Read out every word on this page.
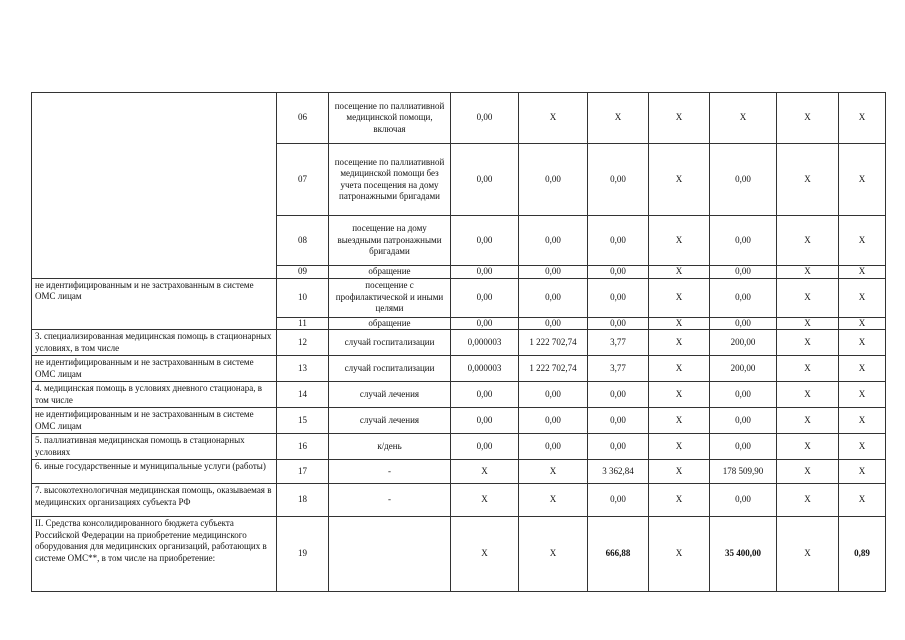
	06	посещение по паллиативной медицинской помощи, включая	0,00	Х	Х	Х	Х	Х	Х
	07	посещение по паллиативной медицинской помощи без учета посещения на дому патронажными бригадами	0,00	0,00	0,00	Х	0,00	Х	Х
	08	посещение на дому выездными патронажными бригадами	0,00	0,00	0,00	Х	0,00	Х	Х
	09	обращение	0,00	0,00	0,00	Х	0,00	Х	Х
не идентифицированным и не застрахованным в системе ОМС лицам	10	посещение с профилактической и иными целями	0,00	0,00	0,00	Х	0,00	Х	Х
	11	обращение	0,00	0,00	0,00	Х	0,00	Х	Х
3. специализированная медицинская помощь в стационарных условиях, в том числе	12	случай госпитализации	0,000003	1 222 702,74	3,77	Х	200,00	Х	Х
не идентифицированным и не застрахованным в системе ОМС лицам	13	случай госпитализации	0,000003	1 222 702,74	3,77	Х	200,00	Х	Х
4. медицинская помощь в условиях дневного стационара, в том числе	14	случай лечения	0,00	0,00	0,00	Х	0,00	Х	Х
не идентифицированным и не застрахованным в системе ОМС лицам	15	случай лечения	0,00	0,00	0,00	Х	0,00	Х	Х
5. паллиативная медицинская помощь в стационарных условиях	16	к/день	0,00	0,00	0,00	Х	0,00	Х	Х
6. иные государственные и муниципальные услуги (работы)	17	-	Х	Х	3 362,84	Х	178 509,90	Х	Х
7. высокотехнологичная медицинская помощь, оказываемая в медицинских организациях субъекта РФ	18	-	Х	Х	0,00	Х	0,00	Х	Х
II. Средства консолидированного бюджета субъекта Российской Федерации на приобретение медицинского оборудования для медицинских организаций, работающих в системе ОМС**, в том числе на приобретение:	19		Х	Х	666,88	Х	35 400,00	Х	0,89
